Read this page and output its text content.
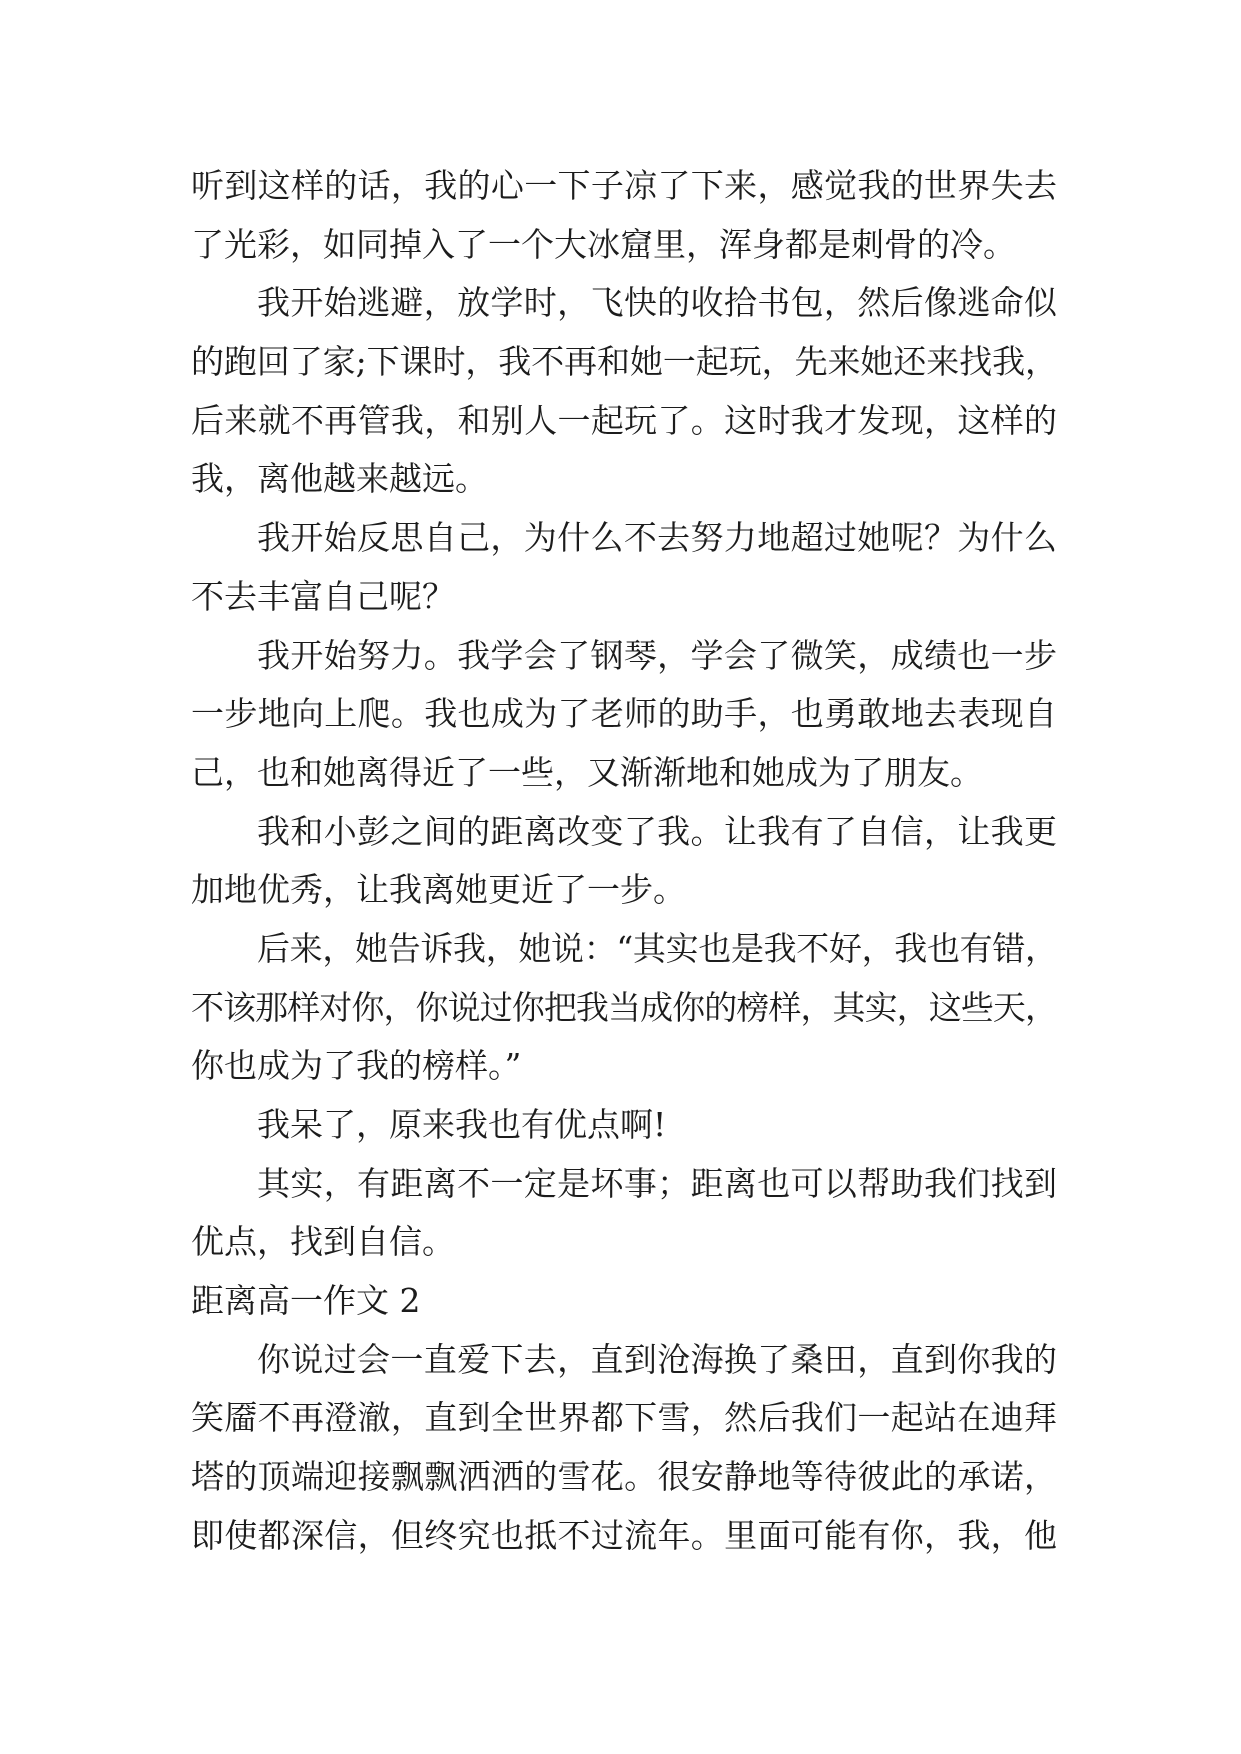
听到这样的话，我的心一下子凉了下来，感觉我的世界失去
了光彩，如同掉入了一个大冰窟里，浑身都是刺骨的冷。
我开始逃避，放学时，飞快的收拾书包，然后像逃命似
的跑回了家;下课时，我不再和她一起玩，先来她还来找我，
后来就不再管我，和别人一起玩了。这时我才发现，这样的
我，离他越来越远。
我开始反思自己，为什么不去努力地超过她呢？为什么
不去丰富自己呢？
我开始努力。我学会了钢琴，学会了微笑，成绩也一步
一步地向上爬。我也成为了老师的助手，也勇敢地去表现自
己，也和她离得近了一些，又渐渐地和她成为了朋友。
我和小彭之间的距离改变了我。让我有了自信，让我更
加地优秀，让我离她更近了一步。
后来，她告诉我，她说：“其实也是我不好，我也有错，
不该那样对你，你说过你把我当成你的榜样，其实，这些天，
你也成为了我的榜样。”
我呆了，原来我也有优点啊!
其实，有距离不一定是坏事；距离也可以帮助我们找到
优点，找到自信。
距离高一作文 2
你说过会一直爱下去，直到沧海换了桑田，直到你我的
笑靥不再澄澈，直到全世界都下雪，然后我们一起站在迪拜
塔的顶端迎接飘飘洒洒的雪花。很安静地等待彼此的承诺，
即使都深信，但终究也抵不过流年。里面可能有你，我，他
